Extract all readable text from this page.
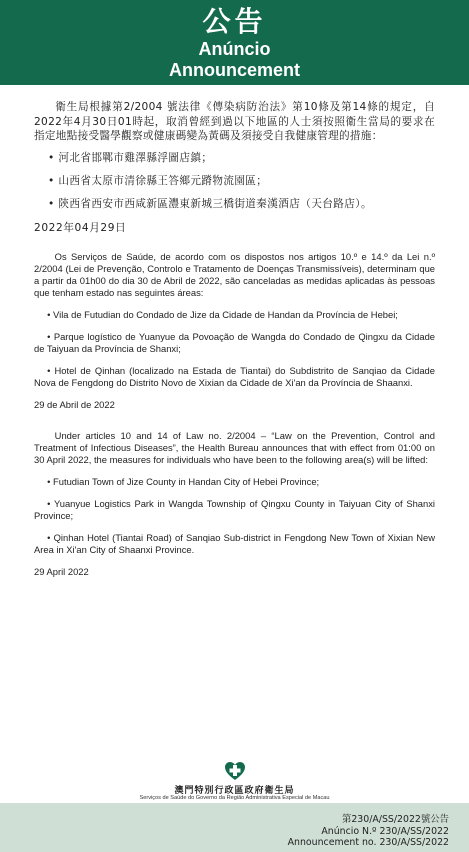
公告
Anúncio
Announcement

衛生局根據第2/2004 號法律《傳染病防治法》第10條及第14條的規定，自2022年4月30日01時起，取消曾經到過以下地區的人士須按照衛生當局的要求在指定地點接受醫學觀察或健康碼變為黃碼及須接受自我健康管理的措施：

• 河北省邯鄲市雞澤縣浮圖店鎮；

• 山西省太原市清徐縣王答鄉元蹐物流園區；

• 陝西省西安市西咸新區灃東新城三橋街道秦漢酒店（天台路店）。

2022年04月29日

Os Serviços de Saúde, de acordo com os dispostos nos artigos 10.º e 14.º da Lei n.º 2/2004 (Lei de Prevenção, Controlo e Tratamento de Doenças Transmissíveis), determinam que a partir da 01h00 do dia 30 de Abril de 2022, são canceladas as medidas aplicadas às pessoas que tenham estado nas seguintes áreas:

• Vila de Futudian do Condado de Jize da Cidade de Handan da Província de Hebei;

• Parque logístico de Yuanyue da Povoação de Wangda do Condado de Qingxu da Cidade de Taiyuan da Província de Shanxi;

• Hotel de Qinhan (localizado na Estada de Tiantai) do Subdistrito de Sanqiao da Cidade Nova de Fengdong do Distrito Novo de Xixian da Cidade de Xi'an da Província de Shaanxi.

29 de Abril de 2022

Under articles 10 and 14 of Law no. 2/2004 – “Law on the Prevention, Control and Treatment of Infectious Diseases”, the Health Bureau announces that with effect from 01:00 on 30 April 2022, the measures for individuals who have been to the following area(s) will be lifted:

• Futudian Town of Jize County in Handan City of Hebei Province;

• Yuanyue Logistics Park in Wangda Township of Qingxu County in Taiyuan City of Shanxi Province;

• Qinhan Hotel (Tiantai Road) of Sanqiao Sub-district in Fengdong New Town of Xixian New Area in Xi'an City of Shaanxi Province.

29 April 2022

澳門特別行政區政府衛生局
Serviços de Saúde do Governo da Região Administrativa Especial de Macau
第230/A/SS/2022號公告
Anúncio N.º 230/A/SS/2022
Announcement no. 230/A/SS/2022
